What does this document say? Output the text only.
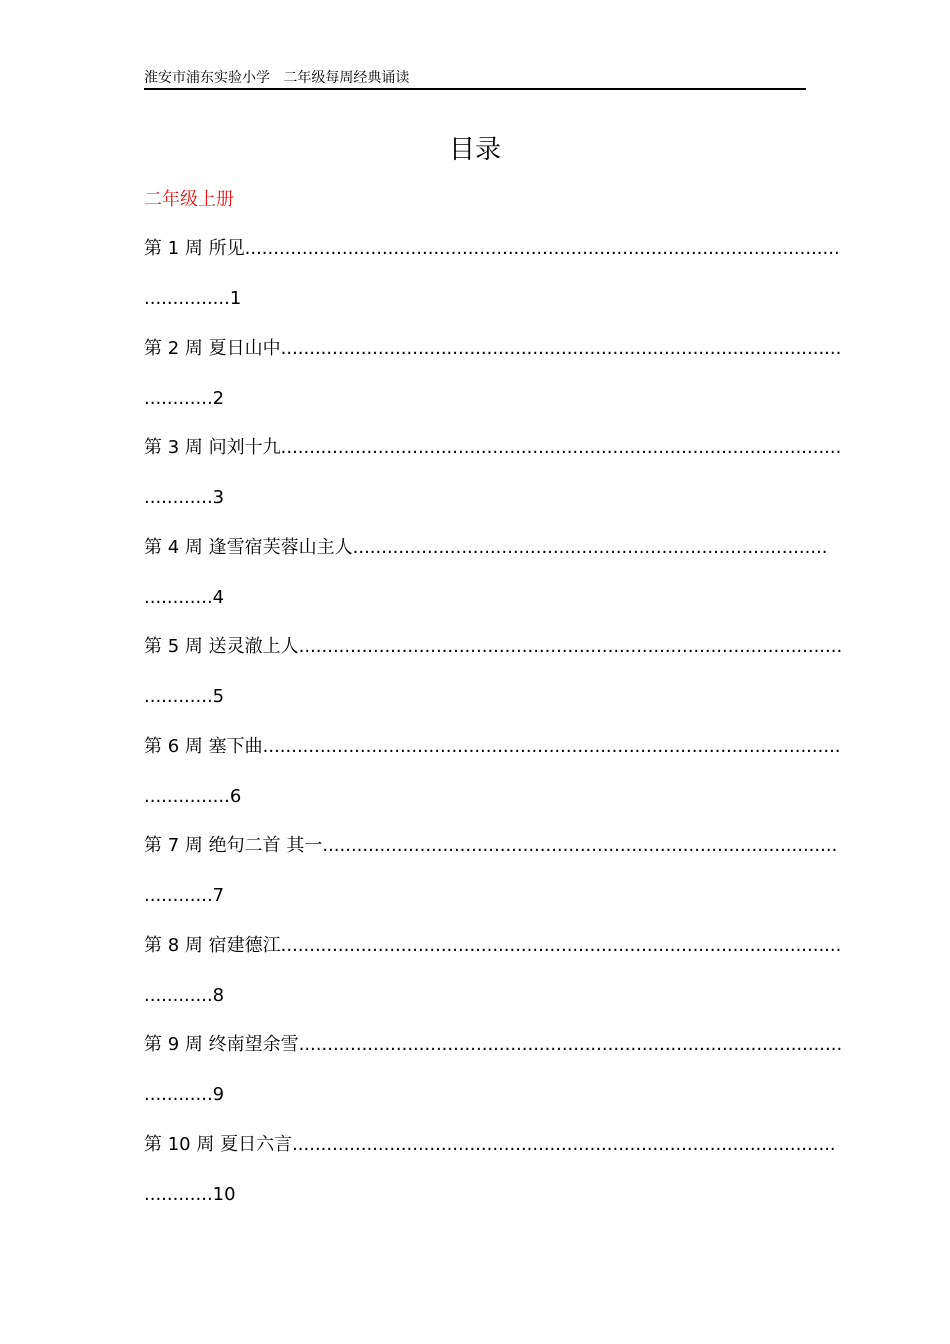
淮安市浦东实验小学   二年级每周经典诵读
目录
二年级上册
第 1 周 所见........................................................................................................
...............1
第 2 周 夏日山中..................................................................................................
............2
第 3 周 问刘十九..................................................................................................
............3
第 4 周 逢雪宿芙蓉山主人...................................................................................
............4
第 5 周 送灵澈上人...............................................................................................
............5
第 6 周 塞下曲.....................................................................................................
...............6
第 7 周 绝句二首 其一..........................................................................................
............7
第 8 周 宿建德江..................................................................................................
............8
第 9 周 终南望余雪...............................................................................................
............9
第 10 周 夏日六言...............................................................................................
............10
